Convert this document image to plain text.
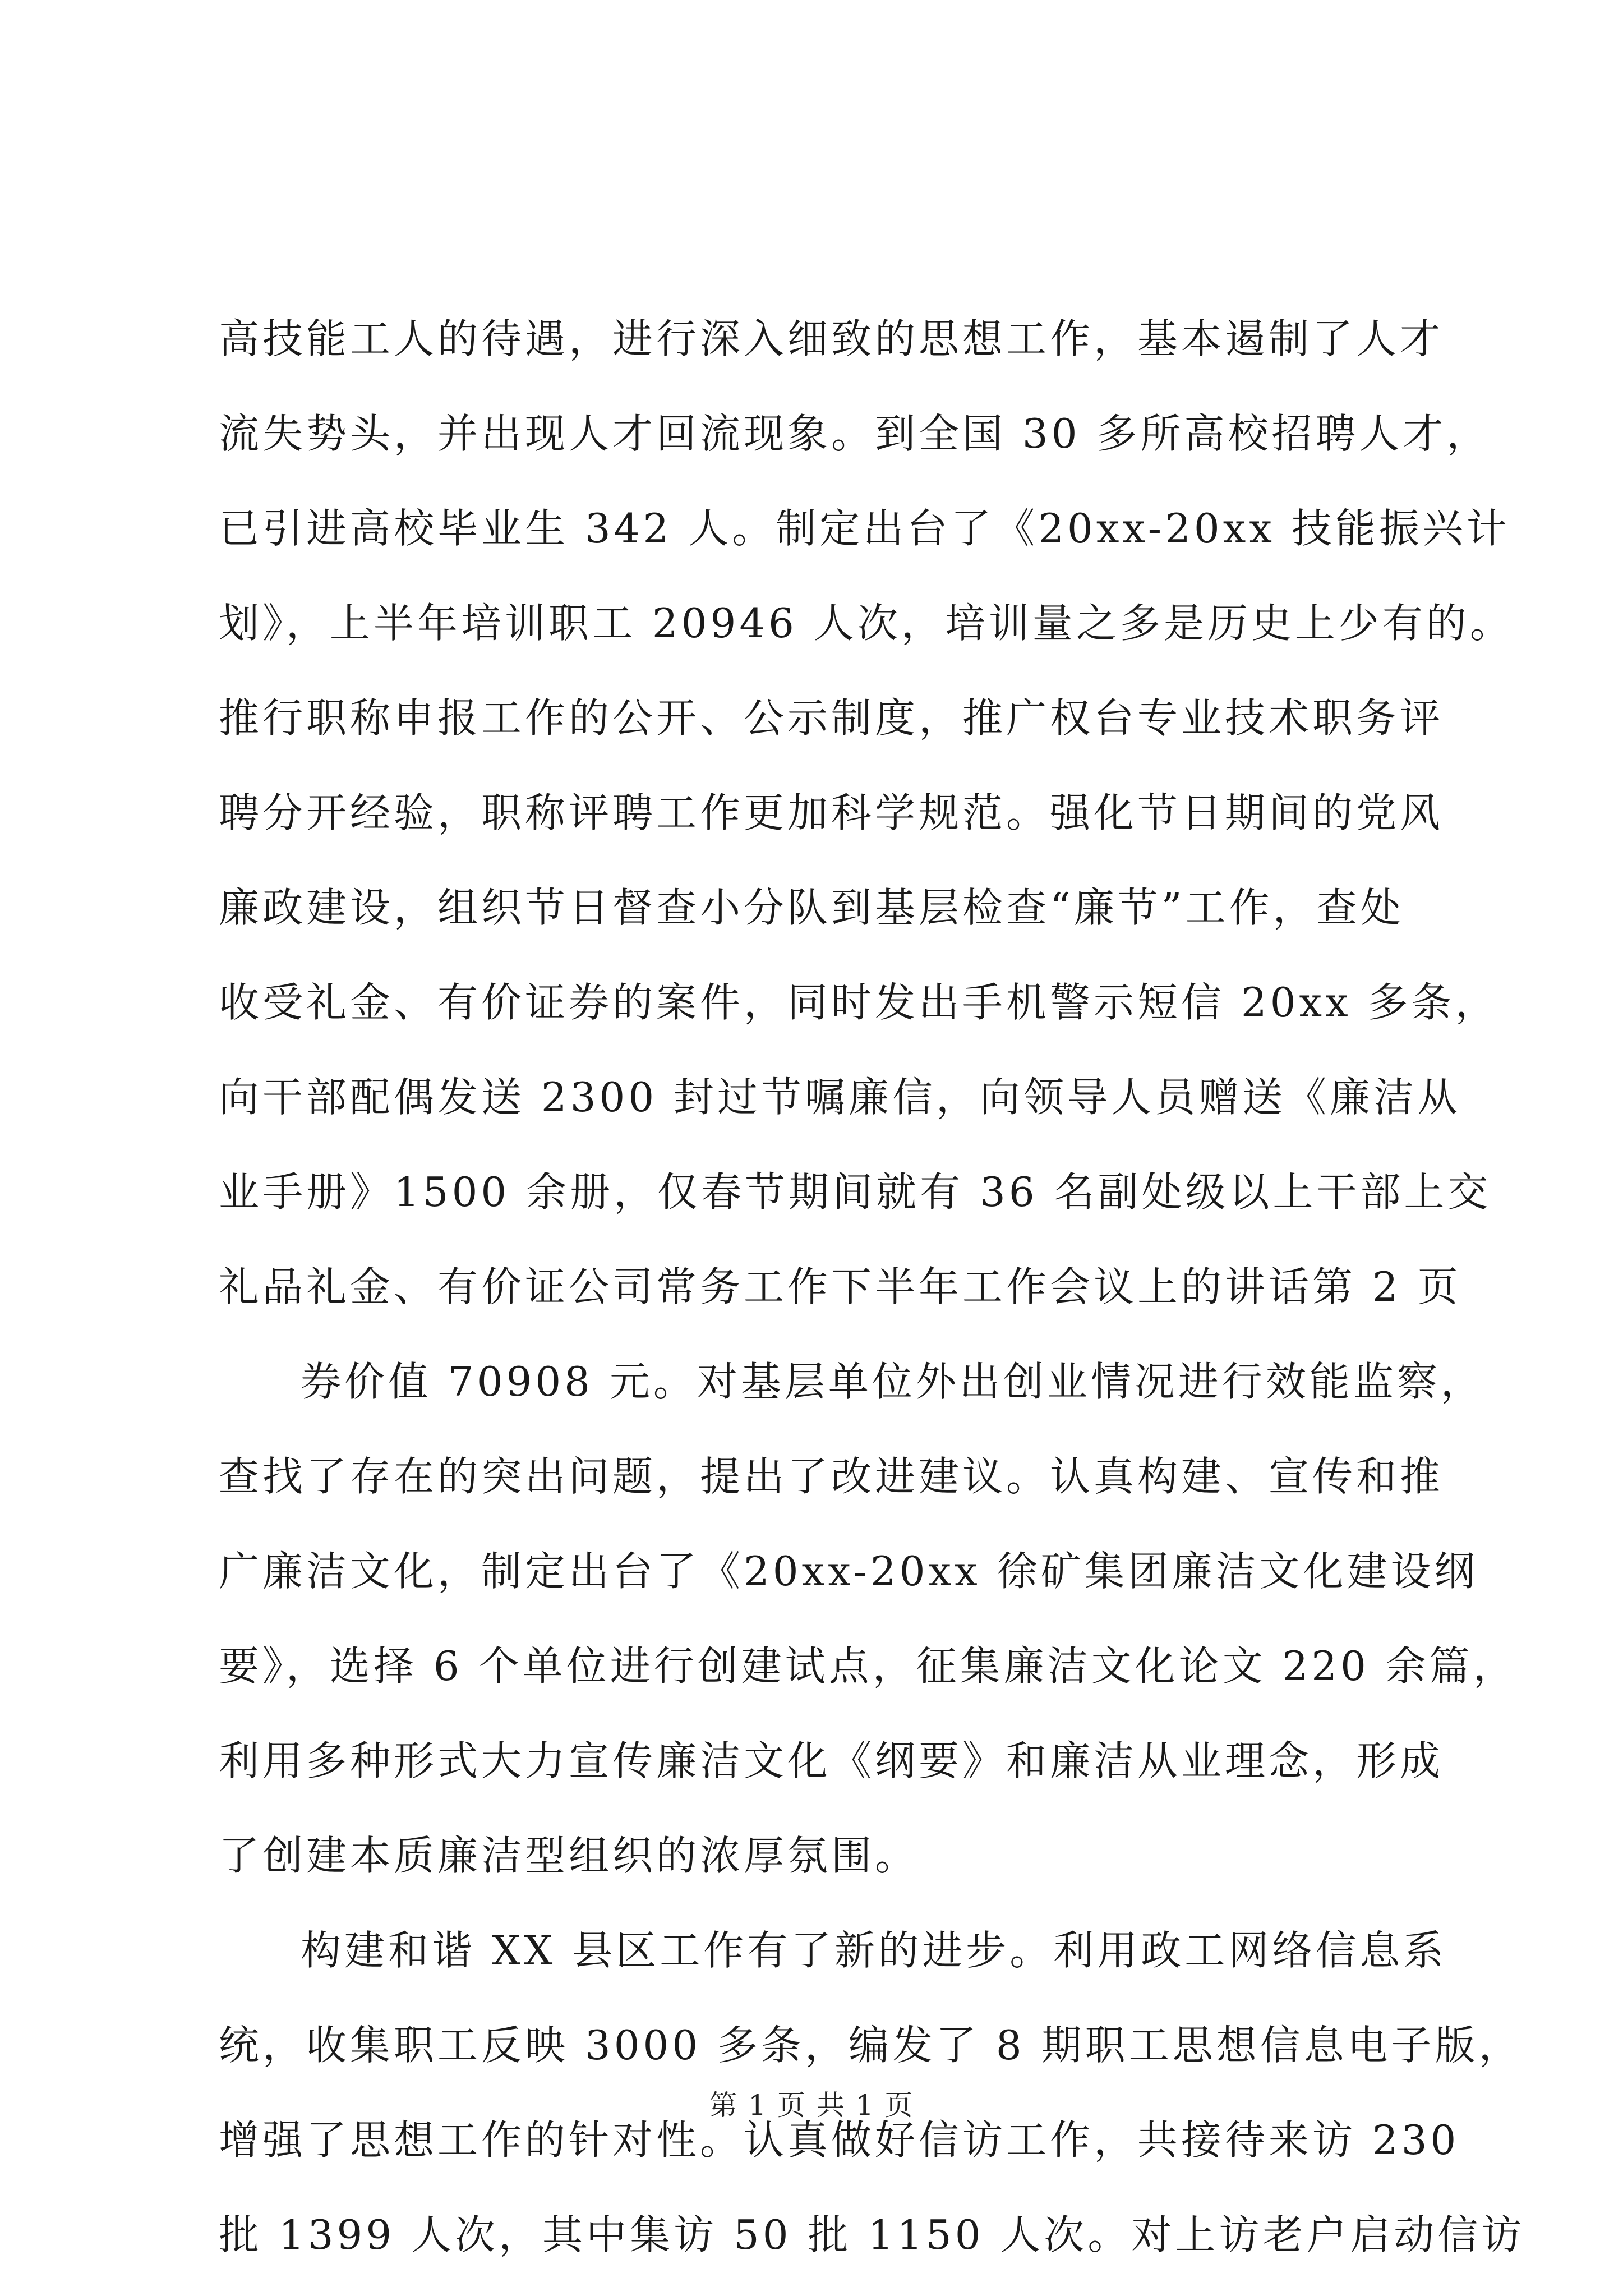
高技能工人的待遇，进行深入细致的思想工作，基本遏制了人才
流失势头，并出现人才回流现象。到全国 30 多所高校招聘人才，
已引进高校毕业生 342 人。制定出台了《20xx-20xx 技能振兴计
划》，上半年培训职工 20946 人次，培训量之多是历史上少有的。
推行职称申报工作的公开、公示制度，推广权台专业技术职务评
聘分开经验，职称评聘工作更加科学规范。强化节日期间的党风
廉政建设，组织节日督查小分队到基层检查“廉节”工作，查处
收受礼金、有价证券的案件，同时发出手机警示短信 20xx 多条，
向干部配偶发送 2300 封过节嘱廉信，向领导人员赠送《廉洁从
业手册》1500 余册，仅春节期间就有 36 名副处级以上干部上交
礼品礼金、有价证公司常务工作下半年工作会议上的讲话第 2 页
券价值 70908 元。对基层单位外出创业情况进行效能监察，
查找了存在的突出问题，提出了改进建议。认真构建、宣传和推
广廉洁文化，制定出台了《20xx-20xx 徐矿集团廉洁文化建设纲
要》，选择 6 个单位进行创建试点，征集廉洁文化论文 220 余篇，
利用多种形式大力宣传廉洁文化《纲要》和廉洁从业理念，形成
了创建本质廉洁型组织的浓厚氛围。
构建和谐 XX 县区工作有了新的进步。利用政工网络信息系
统，收集职工反映 3000 多条，编发了 8 期职工思想信息电子版，
增强了思想工作的针对性。认真做好信访工作，共接待来访 230
批 1399 人次，其中集访 50 批 1150 人次。对上访老户启动信访
第 1 页 共 1 页
